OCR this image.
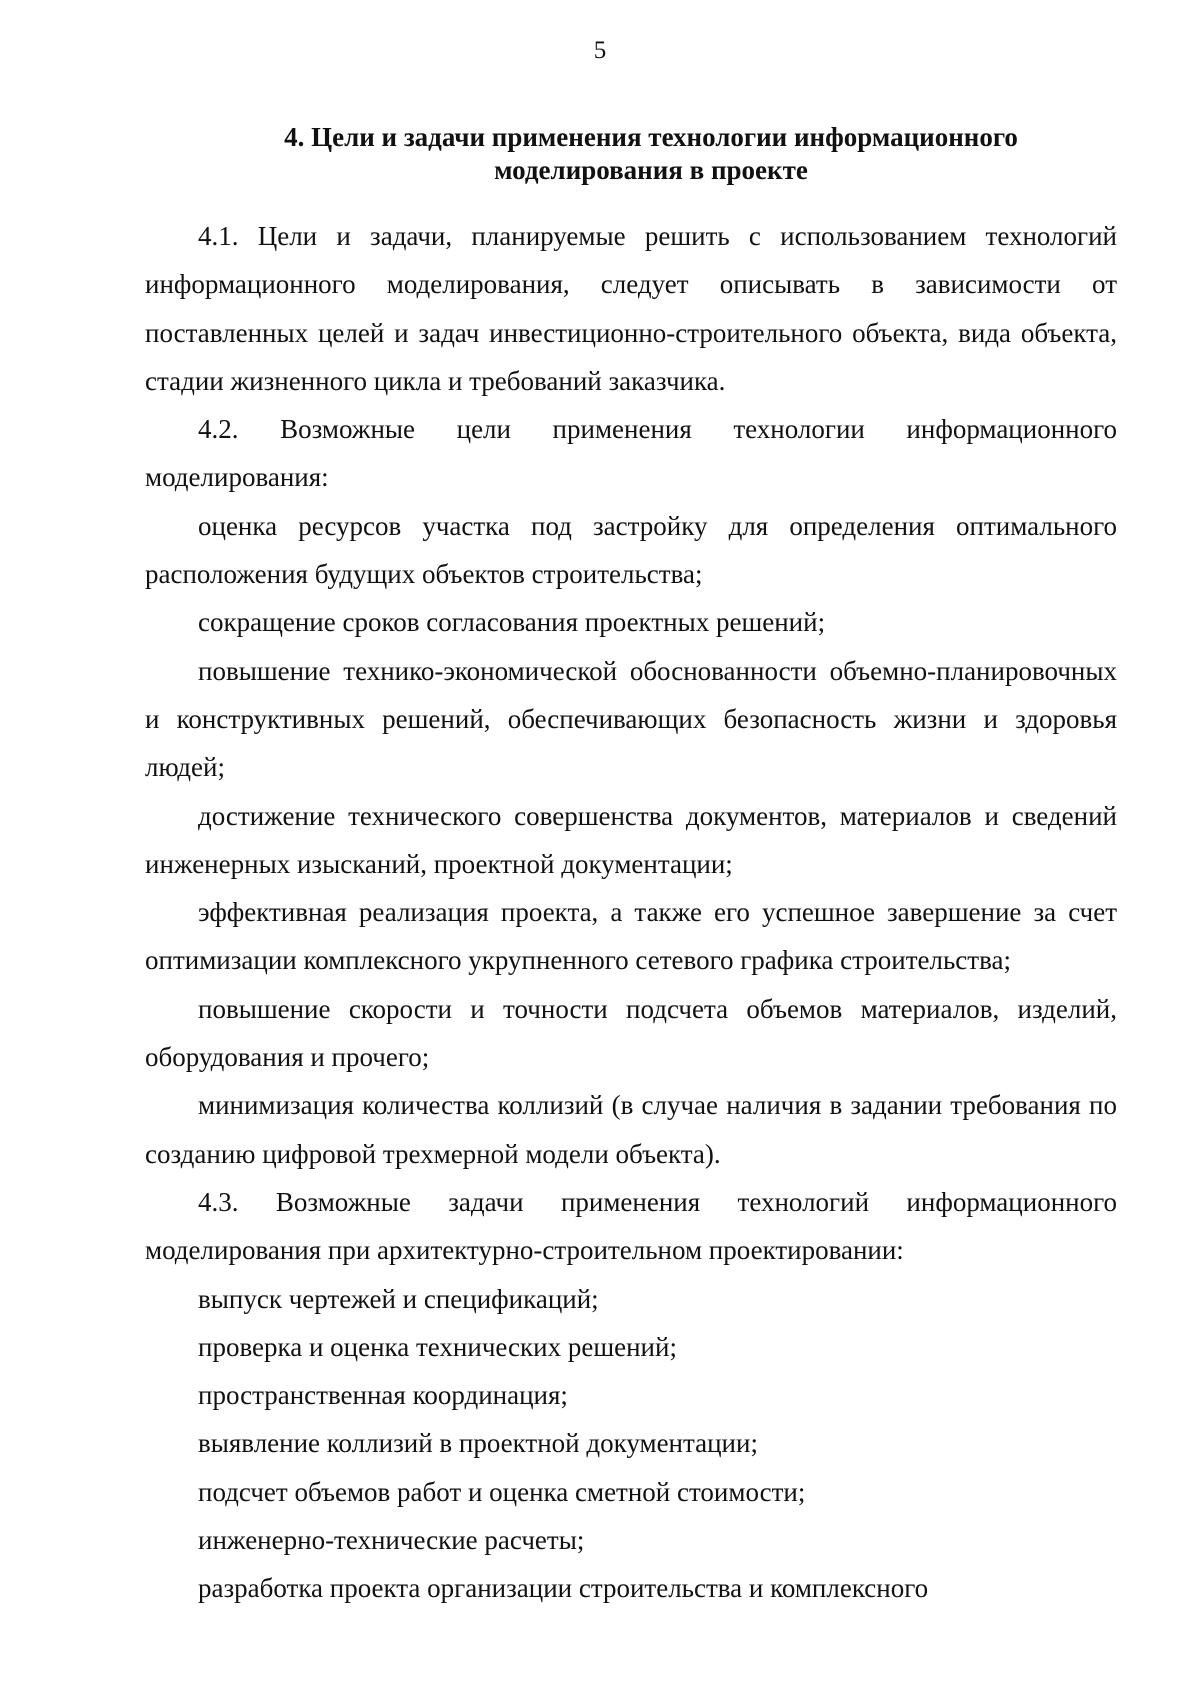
5
4. Цели и задачи применения технологии информационного
моделирования в проекте

4.1. Цели и задачи, планируемые решить с использованием технологий информационного моделирования, следует описывать в зависимости от поставленных целей и задач инвестиционно-строительного объекта, вида объекта, стадии жизненного цикла и требований заказчика.

4.2. Возможные цели применения технологии информационного моделирования:

оценка ресурсов участка под застройку для определения оптимального расположения будущих объектов строительства;

сокращение сроков согласования проектных решений;

повышение технико-экономической обоснованности объемно-планировочных и конструктивных решений, обеспечивающих безопасность жизни и здоровья людей;

достижение технического совершенства документов, материалов и сведений инженерных изысканий, проектной документации;

эффективная реализация проекта, а также его успешное завершение за счет оптимизации комплексного укрупненного сетевого графика строительства;

повышение скорости и точности подсчета объемов материалов, изделий, оборудования и прочего;

минимизация количества коллизий (в случае наличия в задании требования по созданию цифровой трехмерной модели объекта).

4.3. Возможные задачи применения технологий информационного моделирования при архитектурно-строительном проектировании:

выпуск чертежей и спецификаций;

проверка и оценка технических решений;

пространственная координация;

выявление коллизий в проектной документации;

подсчет объемов работ и оценка сметной стоимости;

инженерно-технические расчеты;

разработка проекта организации строительства и комплексного
